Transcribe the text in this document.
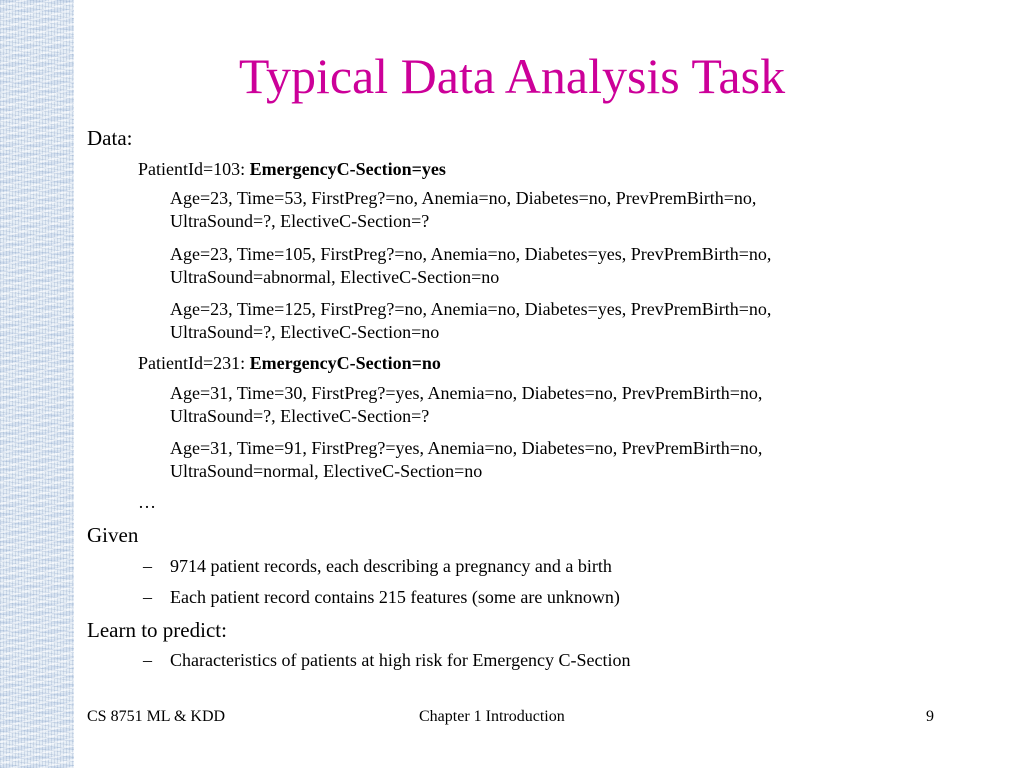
Typical Data Analysis Task
Data:
PatientId=103: EmergencyC-Section=yes
Age=23, Time=53, FirstPreg?=no, Anemia=no, Diabetes=no, PrevPremBirth=no,
UltraSound=?, ElectiveC-Section=?
Age=23, Time=105, FirstPreg?=no, Anemia=no, Diabetes=yes, PrevPremBirth=no,
UltraSound=abnormal, ElectiveC-Section=no
Age=23, Time=125, FirstPreg?=no, Anemia=no, Diabetes=yes, PrevPremBirth=no,
UltraSound=?, ElectiveC-Section=no
PatientId=231: EmergencyC-Section=no
Age=31, Time=30, FirstPreg?=yes, Anemia=no, Diabetes=no, PrevPremBirth=no,
UltraSound=?, ElectiveC-Section=?
Age=31, Time=91, FirstPreg?=yes, Anemia=no, Diabetes=no, PrevPremBirth=no,
UltraSound=normal, ElectiveC-Section=no
…
Given
– 9714 patient records, each describing a pregnancy and a birth
– Each patient record contains 215 features (some are unknown)
Learn to predict:
– Characteristics of patients at high risk for Emergency C-Section
CS 8751 ML & KDD	Chapter 1 Introduction	9
